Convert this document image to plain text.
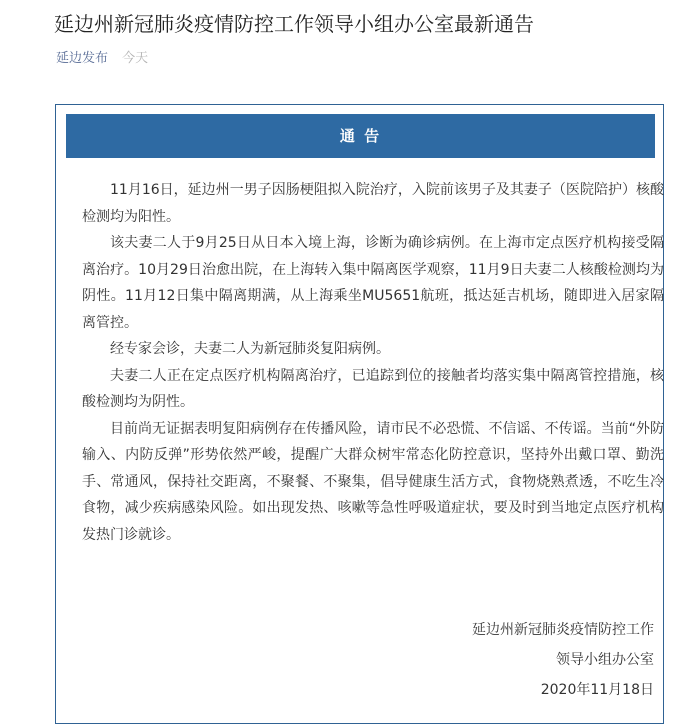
延边州新冠肺炎疫情防控工作领导小组办公室最新通告
延边发布 今天
通 告

11月16日，延边州一男子因肠梗阻拟入院治疗，入院前该男子及其妻子（医院陪护）核酸检测均为阳性。

该夫妻二人于9月25日从日本入境上海，诊断为确诊病例。在上海市定点医疗机构接受隔离治疗。10月29日治愈出院，在上海转入集中隔离医学观察，11月9日夫妻二人核酸检测均为阴性。11月12日集中隔离期满，从上海乘坐MU5651航班，抵达延吉机场，随即进入居家隔离管控。

经专家会诊，夫妻二人为新冠肺炎复阳病例。

夫妻二人正在定点医疗机构隔离治疗，已追踪到位的接触者均落实集中隔离管控措施，核酸检测均为阴性。

目前尚无证据表明复阳病例存在传播风险，请市民不必恐慌、不信谣、不传谣。当前“外防输入、内防反弹”形势依然严峻，提醒广大群众树牢常态化防控意识，坚持外出戴口罩、勤洗手、常通风，保持社交距离，不聚餐、不聚集，倡导健康生活方式，食物烧熟煮透，不吃生冷食物，减少疾病感染风险。如出现发热、咳嗽等急性呼吸道症状，要及时到当地定点医疗机构发热门诊就诊。

延边州新冠肺炎疫情防控工作
领导小组办公室
2020年11月18日
